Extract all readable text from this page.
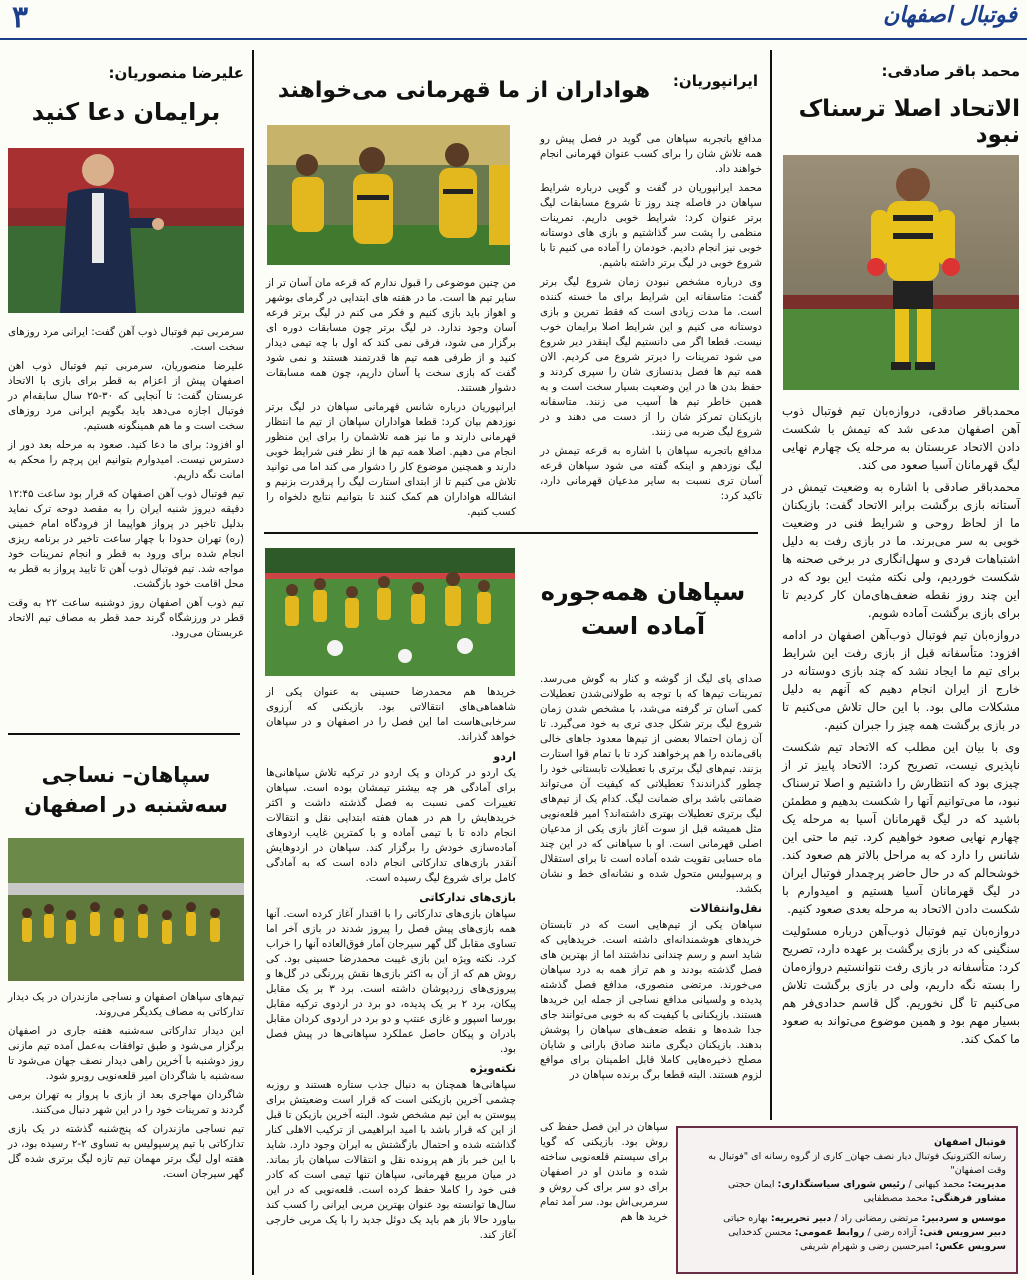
فوتبال اصفهان
۳
محمد باقر صادقی:
الاتحاد اصلا ترسناک نبود

محمدباقر صادقی، دروازه‌بان تیم فوتبال ذوب آهن اصفهان مدعی شد که تیمش با شکست دادن الاتحاد عربستان به مرحله یک چهارم نهایی لیگ قهرمانان آسیا صعود می کند.

محمدباقر صادقی با اشاره به وضعیت تیمش در آستانه بازی برگشت برابر الاتحاد گفت: بازیکنان ما از لحاظ روحی و شرایط فنی در وضعیت خوبی به سر می‌برند. ما در بازی رفت به دلیل اشتباهات فردی و سهل‌انگاری در برخی صحنه ها شکست خوردیم، ولی نکته مثبت این بود که در این چند روز نقطه ضعف‌های‌مان کار کردیم تا برای بازی برگشت آماده شویم.

دروازه‌بان تیم فوتبال ذوب‌آهن اصفهان در ادامه افزود: متأسفانه قبل از بازی رفت این شرایط برای تیم ما ایجاد نشد که چند بازی دوستانه در خارج از ایران انجام دهیم که آنهم به دلیل مشکلات مالی بود. با این حال تلاش می‌کنیم تا در بازی برگشت همه چیز را جبران کنیم.

وی با بیان این مطلب که الاتحاد تیم شکست ناپذیری نیست، تصریح کرد: الاتحاد پاییز تر از چیزی بود که انتظارش را داشتیم و اصلا ترسناک نبود، ما می‌توانیم آنها را شکست بدهیم و مطمئن باشید که در لیگ قهرمانان آسیا به مرحله یک چهارم نهایی صعود خواهیم کرد. تیم ما حتی این شانس را دارد که به مراحل بالاتر هم صعود کند. خوشحالم که در حال حاضر پرچمدار فوتبال ایران در لیگ قهرمانان آسیا هستیم و امیدوارم با شکست دادن الاتحاد به مرحله بعدی صعود کنیم.

دروازه‌بان تیم فوتبال ذوب‌آهن درباره مسئولیت سنگینی که در بازی برگشت بر عهده دارد، تصریح کرد: متأسفانه در بازی رفت نتوانستیم دروازه‌مان را بسته نگه داریم، ولی در بازی برگشت تلاش می‌کنیم تا گل نخوریم. گل قاسم حدادی‌فر هم بسیار مهم بود و همین موضوع می‌تواند به صعود ما کمک کند.

ایرانپوریان:
هواداران از ما قهرمانی می‌خواهند

مدافع باتجربه سپاهان می گوید در فصل پیش رو همه تلاش شان را برای کسب عنوان قهرمانی انجام خواهند داد.

محمد ایرانپوریان در گفت و گویی درباره شرایط سپاهان در فاصله چند روز تا شروع مسابقات لیگ برتر عنوان کرد: شرایط خوبی داریم. تمرینات منظمی را پشت سر گذاشتیم و بازی های دوستانه خوبی نیز انجام دادیم. خودمان را آماده می کنیم تا با شروع خوبی در لیگ برتر داشته باشیم.

وی درباره مشخص نبودن زمان شروع لیگ برتر گفت: متاسفانه این شرایط برای ما خسته کننده است. ما مدت زیادی است که فقط تمرین و بازی دوستانه می کنیم و این شرایط اصلا برایمان خوب نیست. قطعا اگر می دانستیم لیگ اینقدر دیر شروع می شود تمرینات را دیرتر شروع می کردیم. الان همه تیم ها فصل بدنسازی شان را سپری کردند و حفظ بدن ها در این وضعیت بسیار سخت است و به همین خاطر تیم ها آسیب می زنند. متاسفانه بازیکنان تمرکز شان را از دست می دهند و در شروع لیگ ضربه می زنند.

مدافع باتجربه سپاهان با اشاره به قرعه تیمش در لیگ نوزدهم و اینکه گفته می شود سپاهان قرعه آسان تری نسبت به سایر مدعیان قهرمانی دارد، تاکید کرد:

من چنین موضوعی را قبول ندارم که قرعه مان آسان تر از سایر تیم ها است. ما در هفته های ابتدایی در گرمای بوشهر و اهواز باید بازی کنیم و فکر می کنم در لیگ برتر قرعه آسان وجود ندارد. در لیگ برتر چون مسابقات دوره ای برگزار می شود، فرقی نمی کند که اول با چه تیمی دیدار کنید و از طرفی همه تیم ها قدرتمند هستند و نمی شود گفت که بازی سخت یا آسان داریم، چون همه مسابقات دشوار هستند.

ایرانپوریان درباره شانس قهرمانی سپاهان در لیگ برتر نوزدهم بیان کرد: قطعا هواداران سپاهان از تیم ما انتظار قهرمانی دارند و ما نیز همه تلاشمان را برای این منظور انجام می دهیم. اصلا همه تیم ها از نظر فنی شرایط خوبی دارند و همچنین موضوع کار را دشوار می کند اما می توانید تلاش می کنیم تا از ابتدای استارت لیگ را پرقدرت بزنیم و انشالله هواداران هم کمک کنند تا بتوانیم نتایج دلخواه را کسب کنیم.

علیرضا منصوریان:
برایمان دعا کنید

سرمربی تیم فوتبال ذوب آهن گفت: ایرانی مرد روزهای سخت است.

علیرضا منصوریان، سرمربی تیم فوتبال ذوب اهن اصفهان پیش از اعزام به قطر برای بازی با الاتحاد عربستان گفت: تا آنجایی که ۳۰-۲۵ سال سابقه‌ام در فوتبال اجازه می‌دهد باید بگویم ایرانی مرد روزهای سخت است و ما هم همینگونه هستیم.

او افزود: برای ما دعا کنید. صعود به مرحله بعد دور از دسترس نیست. امیدوارم بتوانیم این پرچم را محکم به امانت نگه داریم.

تیم فوتبال ذوب آهن اصفهان که قرار بود ساعت ۱۲:۴۵ دقیقه دیروز شنبه ایران را به مقصد دوحه ترک نماید بدلیل تاخیر در پرواز هواپیما از فرودگاه امام خمینی (ره) تهران حدودا با چهار ساعت تاخیر در برنامه ریزی انجام شده برای ورود به قطر و انجام تمرینات خود مواجه شد. تیم فوتبال ذوب آهن تا تایید پرواز به قطر به محل اقامت خود بازگشت.

تیم ذوب آهن اصفهان روز دوشنبه ساعت ۲۲ به وقت قطر در ورزشگاه گرند حمد قطر به مصاف تیم الاتحاد عربستان می‌رود.

سپاهان همه‌جوره
آماده است

صدای پای لیگ از گوشه و کنار به گوش می‌رسد. تمرینات تیم‌ها که با توجه به طولانی‌شدن تعطیلات کمی آسان تر گرفته می‌شد، با مشخص شدن زمان شروع لیگ برتر شکل جدی تری به خود می‌گیرد. تا آن زمان احتمالا بعضی از تیم‌ها معدود جاهای خالی باقی‌مانده را هم پرخواهند کرد تا با تمام قوا استارت بزنند. تیم‌های لیگ برتری با تعطیلات تابستانی خود را چطور گذراندند؟ تعطیلاتی که کیفیت آن می‌تواند ضمانتی باشد برای ضمانت لیگ. کدام یک از تیم‌های لیگ برتری تعطیلات بهتری داشته‌اند؟ امیر قلعه‌نویی مثل همیشه قبل از سوت آغاز بازی یکی از مدعیان اصلی قهرمانی است. او با سپاهانی که در این چند ماه حسابی تقویت شده آماده است تا برای استقلال و پرسپولیس متحول شده و نشانه‌ای خط و نشان بکشد.

نقل‌وانتقالات

سپاهان یکی از تیم‌هایی است که در تابستان خریدهای هوشمندانه‌ای داشته است. خریدهایی که شاید اسم و رسم چندانی نداشتند اما از بهترین های فصل گذشته بودند و هم تراز همه به درد سپاهان می‌خورند. مرتضی منصوری، مدافع فصل گذشته پدیده و ولسیانی مدافع نساجی از جمله این خریدها هستند. بازیکنانی با کیفیت که به خوبی می‌توانند جای جدا شده‌ها و نقطه ضعف‌های سپاهان را پوشش بدهند. بازیکنان دیگری مانند صادق بارانی و شایان مصلح ذخیره‌هایی کاملا قابل اطمینان برای موافع لزوم هستند. البته قطعا برگ برنده سپاهان در

سپاهان در این فصل حفظ کی روش بود. بازیکنی که گویا برای سیستم قلعه‌نویی ساخته شده و ماندن او در اصفهان برای دو سر برای کی روش و سرمربی‌اش بود. سر آمد تمام خرید ها هم

خریدها هم محمدرضا حسینی به عنوان یکی از شاهماهی‌های انتقالاتی بود. بازیکنی که آرزوی سرخابی‌هاست اما این فصل را در اصفهان و در سپاهان خواهد گذراند.

اردو

یک اردو در کردان و یک اردو در ترکیه تلاش سپاهانی‌ها برای آمادگی هر چه بیشتر تیمشان بوده است. سپاهان تغییرات کمی نسبت به فصل گذشته داشت و اکثر خریدهایش را هم در همان هفته ابتدایی نقل و انتقالات انجام داده تا با تیمی آماده و با کمترین غایب اردوهای آماده‌سازی خودش را برگزار کند. سپاهان در اردوهایش آنقدر بازی‌های تدارکاتی انجام داده است که به آمادگی کامل برای شروع لیگ رسیده است.

بازی‌های تدارکاتی

سپاهان بازی‌های تدارکاتی را با اقتدار آغاز کرده است. آنها همه بازی‌های پیش فصل را پیروز شدند در بازی آخر اما تساوی مقابل گل گهر سیرجان آمار فوق‌العاده آنها را خراب کرد. نکته ویژه این بازی غیبت محمدرضا حسینی بود. کی روش هم که از آن به اکثر بازی‌ها نقش پررنگی در گل‌ها و پیروزی‌های زردپوشان داشته است. برد ۳ بر یک مقابل پیکان، برد ۲ بر یک پدیده، دو برد در اردوی ترکیه مقابل بورسا اسپور و غازی عنتپ و دو برد در اردوی کردان مقابل بادران و پیکان حاصل عملکرد سپاهانی‌ها در پیش فصل بود.

نکته‌ویژه

سپاهانی‌ها همچنان به دنبال جذب ستاره هستند و روزبه چشمی آخرین بازیکنی است که قرار است وضعیتش برای پیوستن به این تیم مشخص شود. البته آخرین بازیکن تا قبل از این که قرار باشد با امید ابراهیمی از ترکیب الاهلی کنار گذاشته شده و احتمال بازگشتش به ایران وجود دارد. شاید با این خبر باز هم پرونده نقل و انتقالات سپاهان باز بماند. در میان مربیع قهرمانی، سپاهان تنها تیمی است که کادر فنی خود را کاملا حفظ کرده است. قلعه‌نویی که در این سال‌ها توانسته بود عنوان بهترین مربی ایرانی را کسب کند بیاورد حالا باز هم باید یک دوئل جدید را با یک مربی خارجی آغاز کند.

سپاهان– نساجی
سه‌شنبه در اصفهان

تیم‌های سپاهان اصفهان و نساجی مازندران در یک دیدار تدارکاتی به مصاف یکدیگر می‌روند.

این دیدار تدارکاتی سه‌شنبه هفته جاری در اصفهان برگزار می‌شود و طبق توافقات به‌عمل آمده تیم مازنی روز دوشنبه با آخرین راهی دیدار نصف جهان می‌شود تا سه‌شنبه با شاگردان امیر قلعه‌نویی روبرو شود.

شاگردان مهاجری بعد از بازی با پرواز به تهران برمی گردند و تمرینات خود را در این شهر دنبال می‌کنند.

تیم نساجی مازندران که پنج‌شنبه گذشته در یک بازی تدارکاتی با تیم پرسپولیس به تساوی ۲-۲ رسیده بود، در هفته اول لیگ برتر مهمان تیم تازه لیگ برتری شده گل گهر سیرجان است.

فوتبال اصفهان
رسانه الکترونیک فوتبال دیار نصف جهان_ کاری از گروه رسانه ای "فوتبال به وقت اصفهان"
مدیریت: محمد کیهانی / رئیس شورای سیاستگذاری: ایمان حجتی
مشاور فرهنگی: محمد مصطفایی
موسس و سردبیر: مرتضی رمضانی راد / دبیر تحریریه: بهاره حیاتی
دبیر سرویس فنی: آزاده رضی / روابط عمومی: محسن کدخدایی
سرویس عکس: امیرحسین رضی و شهرام شریفی
